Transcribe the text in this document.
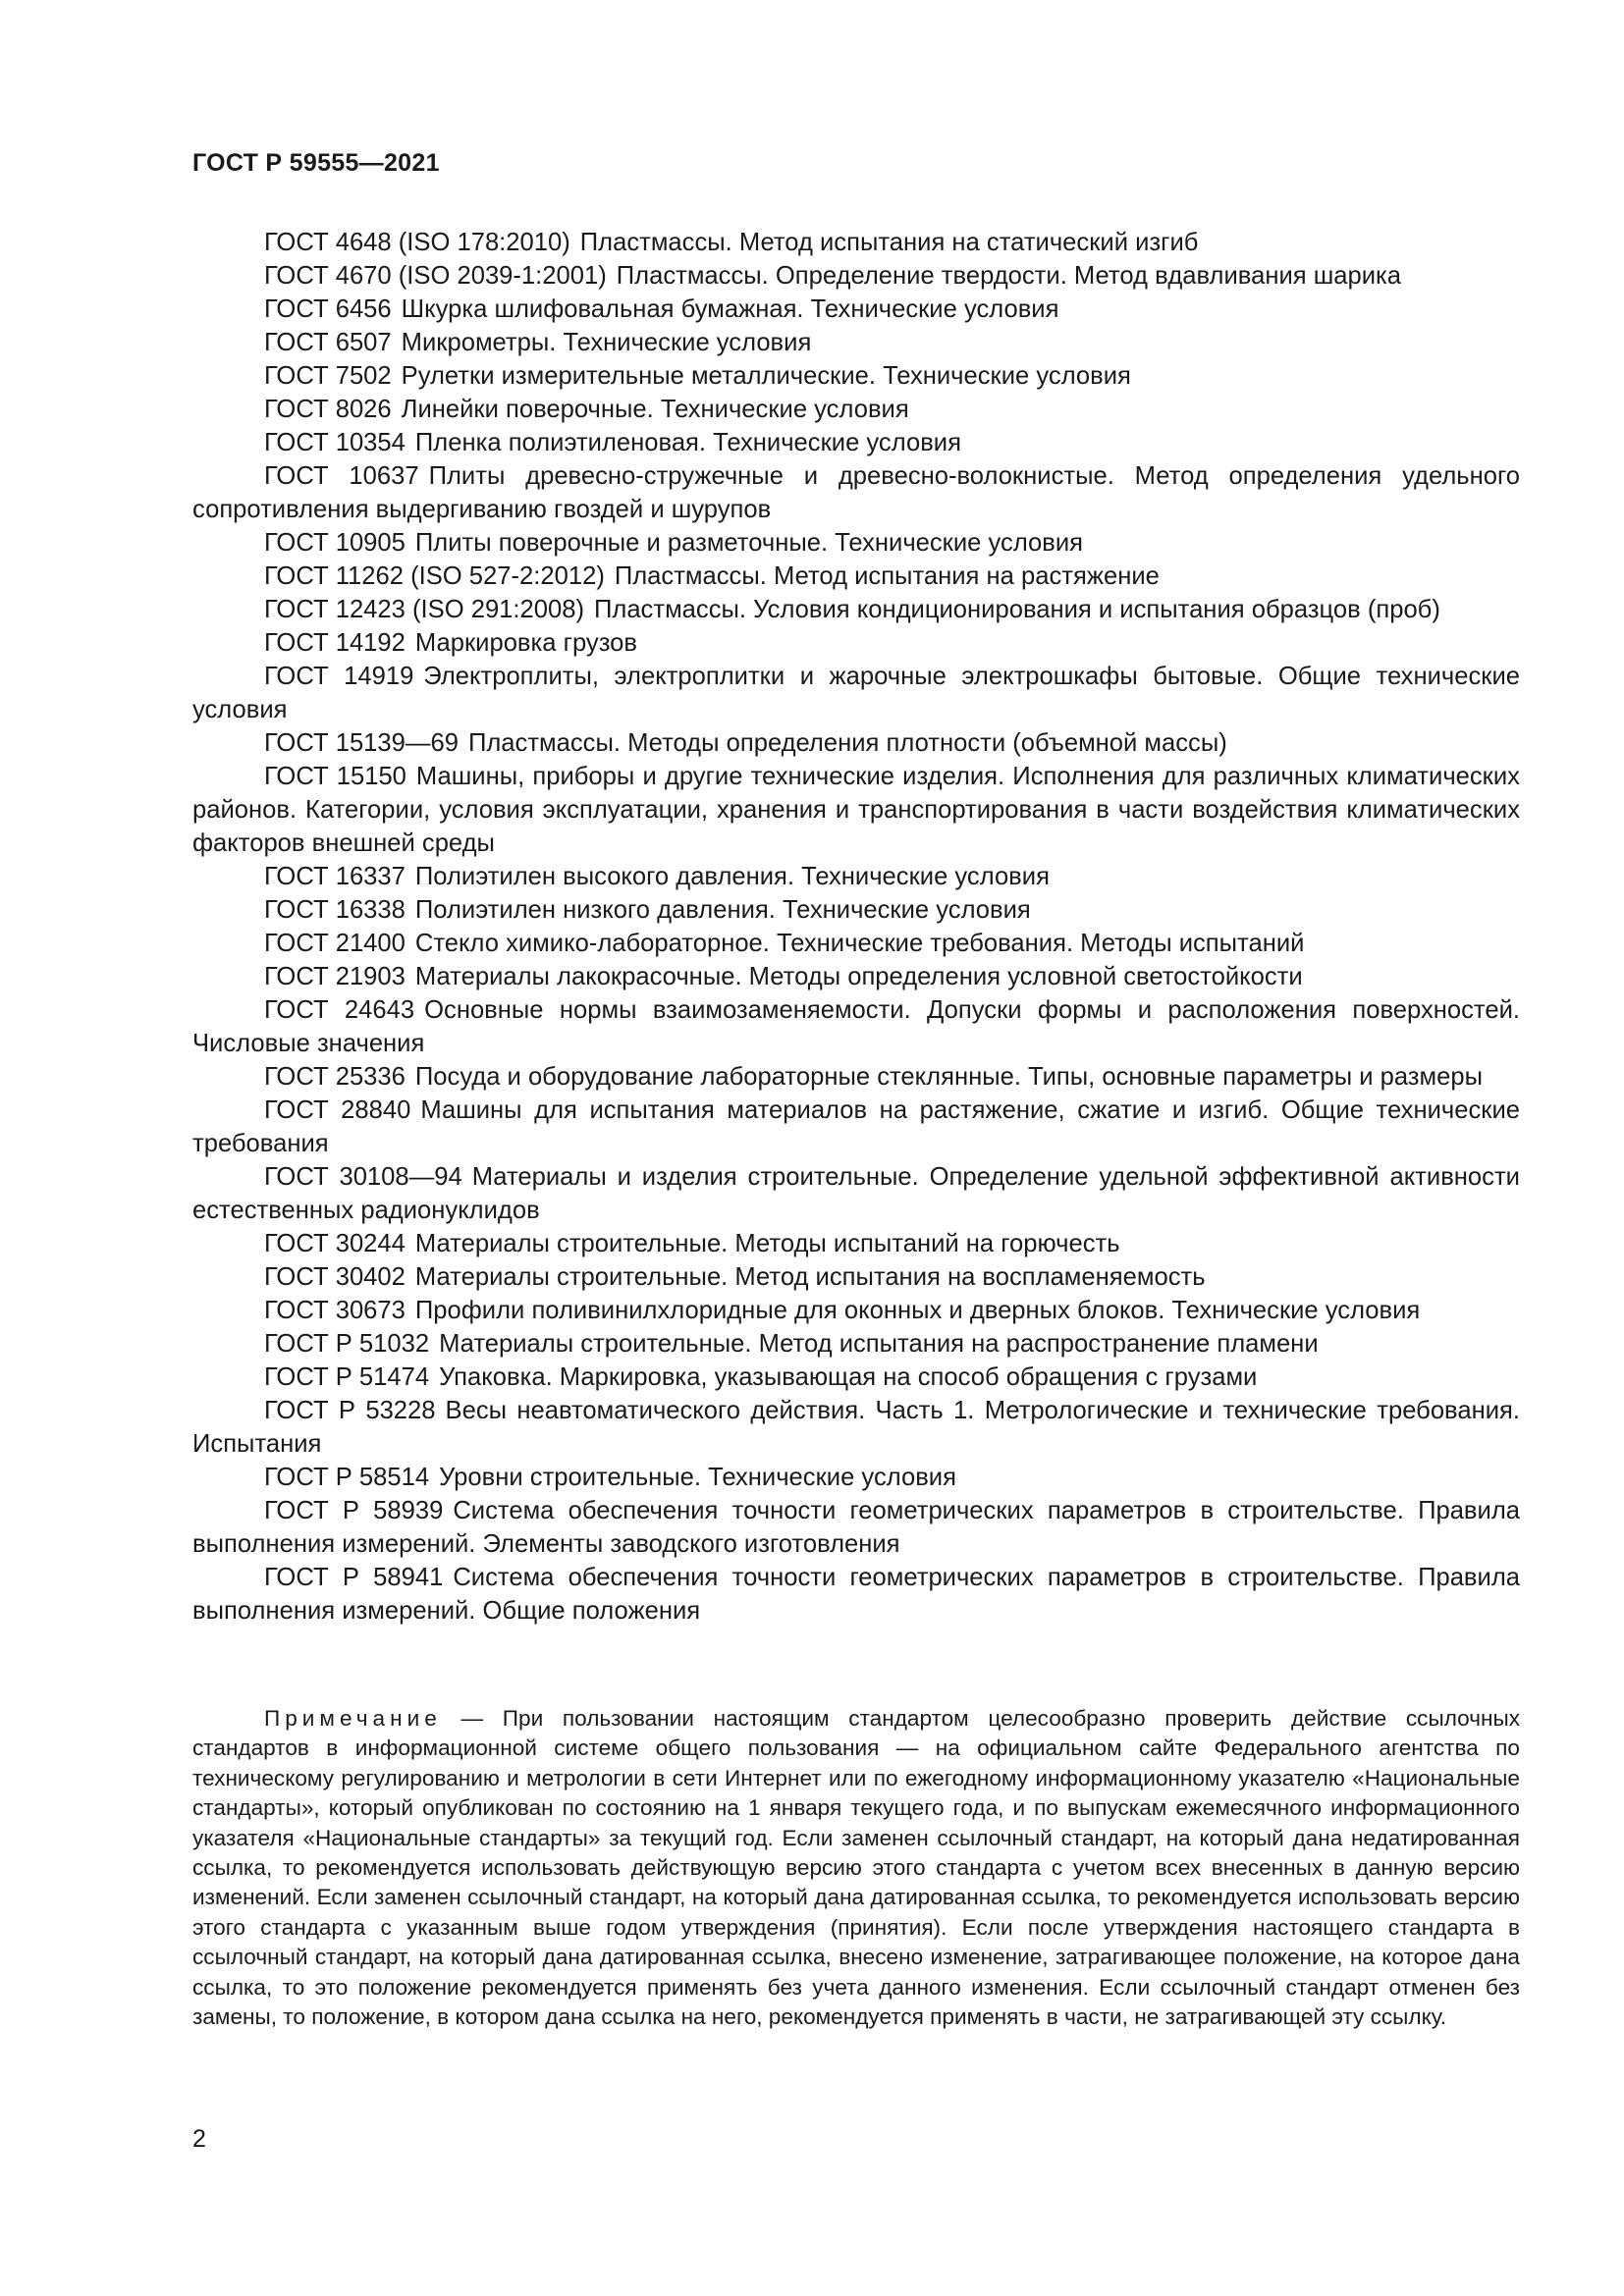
ГОСТ Р 59555—2021

ГОСТ 4648 (ISO 178:2010) Пластмассы. Метод испытания на статический изгиб

ГОСТ 4670 (ISO 2039-1:2001) Пластмассы. Определение твердости. Метод вдавливания шарика

ГОСТ 6456 Шкурка шлифовальная бумажная. Технические условия

ГОСТ 6507 Микрометры. Технические условия

ГОСТ 7502 Рулетки измерительные металлические. Технические условия

ГОСТ 8026 Линейки поверочные. Технические условия

ГОСТ 10354 Пленка полиэтиленовая. Технические условия

ГОСТ 10637 Плиты древесно-стружечные и древесно-волокнистые. Метод определения удельного сопротивления выдергиванию гвоздей и шурупов

ГОСТ 10905 Плиты поверочные и разметочные. Технические условия

ГОСТ 11262 (ISO 527-2:2012) Пластмассы. Метод испытания на растяжение

ГОСТ 12423 (ISO 291:2008) Пластмассы. Условия кондиционирования и испытания образцов (проб)

ГОСТ 14192 Маркировка грузов

ГОСТ 14919 Электроплиты, электроплитки и жарочные электрошкафы бытовые. Общие технические условия

ГОСТ 15139—69 Пластмассы. Методы определения плотности (объемной массы)

ГОСТ 15150 Машины, приборы и другие технические изделия. Исполнения для различных климатических районов. Категории, условия эксплуатации, хранения и транспортирования в части воздействия климатических факторов внешней среды

ГОСТ 16337 Полиэтилен высокого давления. Технические условия

ГОСТ 16338 Полиэтилен низкого давления. Технические условия

ГОСТ 21400 Стекло химико-лабораторное. Технические требования. Методы испытаний

ГОСТ 21903 Материалы лакокрасочные. Методы определения условной светостойкости

ГОСТ 24643 Основные нормы взаимозаменяемости. Допуски формы и расположения поверхностей. Числовые значения

ГОСТ 25336 Посуда и оборудование лабораторные стеклянные. Типы, основные параметры и размеры

ГОСТ 28840 Машины для испытания материалов на растяжение, сжатие и изгиб. Общие технические требования

ГОСТ 30108—94 Материалы и изделия строительные. Определение удельной эффективной активности естественных радионуклидов

ГОСТ 30244 Материалы строительные. Методы испытаний на горючесть

ГОСТ 30402 Материалы строительные. Метод испытания на воспламеняемость

ГОСТ 30673 Профили поливинилхлоридные для оконных и дверных блоков. Технические условия

ГОСТ Р 51032 Материалы строительные. Метод испытания на распространение пламени

ГОСТ Р 51474 Упаковка. Маркировка, указывающая на способ обращения с грузами

ГОСТ Р 53228 Весы неавтоматического действия. Часть 1. Метрологические и технические требования. Испытания

ГОСТ Р 58514 Уровни строительные. Технические условия

ГОСТ Р 58939 Система обеспечения точности геометрических параметров в строительстве. Правила выполнения измерений. Элементы заводского изготовления

ГОСТ Р 58941 Система обеспечения точности геометрических параметров в строительстве. Правила выполнения измерений. Общие положения

Примечание — При пользовании настоящим стандартом целесообразно проверить действие ссылочных стандартов в информационной системе общего пользования — на официальном сайте Федерального агентства по техническому регулированию и метрологии в сети Интернет или по ежегодному информационному указателю «Национальные стандарты», который опубликован по состоянию на 1 января текущего года, и по выпускам ежемесячного информационного указателя «Национальные стандарты» за текущий год. Если заменен ссылочный стандарт, на который дана недатированная ссылка, то рекомендуется использовать действующую версию этого стандарта с учетом всех внесенных в данную версию изменений. Если заменен ссылочный стандарт, на который дана датированная ссылка, то рекомендуется использовать версию этого стандарта с указанным выше годом утверждения (принятия). Если после утверждения настоящего стандарта в ссылочный стандарт, на который дана датированная ссылка, внесено изменение, затрагивающее положение, на которое дана ссылка, то это положение рекомендуется применять без учета данного изменения. Если ссылочный стандарт отменен без замены, то положение, в котором дана ссылка на него, рекомендуется применять в части, не затрагивающей эту ссылку.
2
